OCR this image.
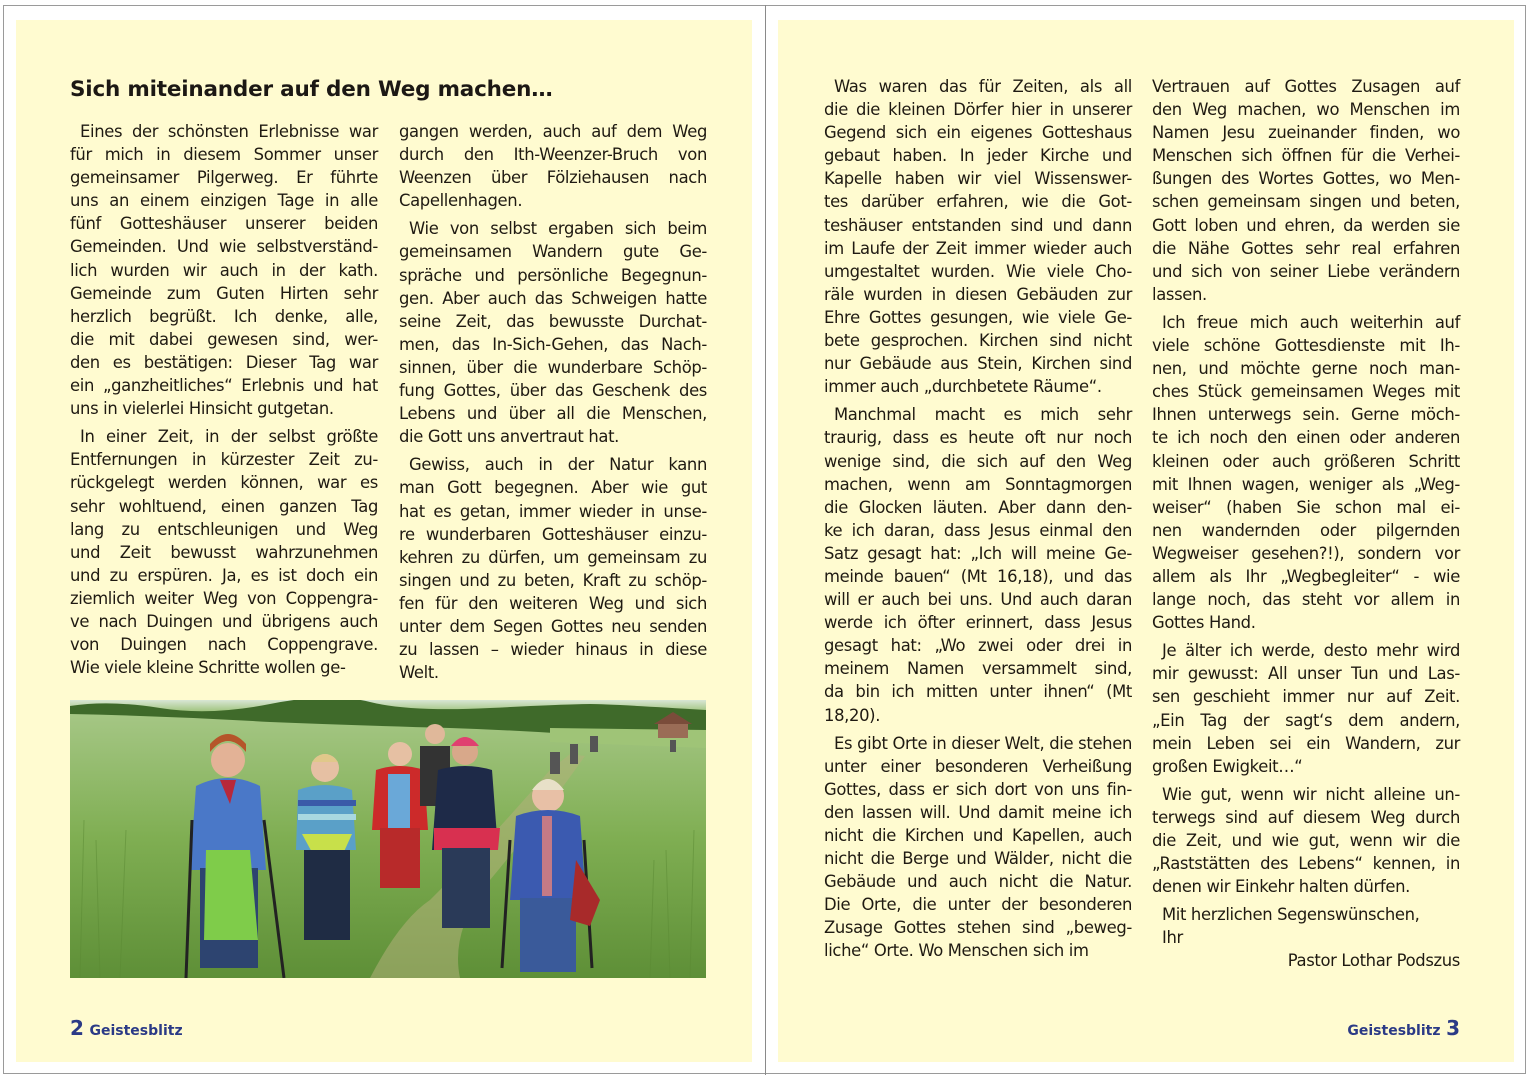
Sich miteinander auf den Weg machen…
Eines der schönsten Erlebnisse war
für mich in diesem Sommer unser
gemeinsamer Pilgerweg. Er führte
uns an einem einzigen Tage in alle
fünf Gotteshäuser unserer beiden
Gemeinden. Und wie selbstverständ-
lich wurden wir auch in der kath.
Gemeinde zum Guten Hirten sehr
herzlich begrüßt. Ich denke, alle,
die mit dabei gewesen sind, wer-
den es bestätigen: Dieser Tag war
ein „ganzheitliches“ Erlebnis und hat
uns in vielerlei Hinsicht gutgetan.
In einer Zeit, in der selbst größte
Entfernungen in kürzester Zeit zu-
rückgelegt werden können, war es
sehr wohltuend, einen ganzen Tag
lang zu entschleunigen und Weg
und Zeit bewusst wahrzunehmen
und zu erspüren. Ja, es ist doch ein
ziemlich weiter Weg von Coppengra-
ve nach Duingen und übrigens auch
von Duingen nach Coppengrave.
Wie viele kleine Schritte wollen ge-
gangen werden, auch auf dem Weg
durch den Ith-Weenzer-Bruch von
Weenzen über Fölziehausen nach
Capellenhagen.
Wie von selbst ergaben sich beim
gemeinsamen Wandern gute Ge-
spräche und persönliche Begegnun-
gen. Aber auch das Schweigen hatte
seine Zeit, das bewusste Durchat-
men, das In-Sich-Gehen, das Nach-
sinnen, über die wunderbare Schöp-
fung Gottes, über das Geschenk des
Lebens und über all die Menschen,
die Gott uns anvertraut hat.
Gewiss, auch in der Natur kann
man Gott begegnen. Aber wie gut
hat es getan, immer wieder in unse-
re wunderbaren Gotteshäuser einzu-
kehren zu dürfen, um gemeinsam zu
singen und zu beten, Kraft zu schöp-
fen für den weiteren Weg und sich
unter dem Segen Gottes neu senden
zu lassen – wieder hinaus in diese
Welt.
2 Geistesblitz
Was waren das für Zeiten, als all
die die kleinen Dörfer hier in unserer
Gegend sich ein eigenes Gotteshaus
gebaut haben. In jeder Kirche und
Kapelle haben wir viel Wissenswer-
tes darüber erfahren, wie die Got-
teshäuser entstanden sind und dann
im Laufe der Zeit immer wieder auch
umgestaltet wurden. Wie viele Cho-
räle wurden in diesen Gebäuden zur
Ehre Gottes gesungen, wie viele Ge-
bete gesprochen. Kirchen sind nicht
nur Gebäude aus Stein, Kirchen sind
immer auch „durchbetete Räume“.
Manchmal macht es mich sehr
traurig, dass es heute oft nur noch
wenige sind, die sich auf den Weg
machen, wenn am Sonntagmorgen
die Glocken läuten. Aber dann den-
ke ich daran, dass Jesus einmal den
Satz gesagt hat: „Ich will meine Ge-
meinde bauen“ (Mt 16,18), und das
will er auch bei uns. Und auch daran
werde ich öfter erinnert, dass Jesus
gesagt hat: „Wo zwei oder drei in
meinem Namen versammelt sind,
da bin ich mitten unter ihnen“ (Mt
18,20).
Es gibt Orte in dieser Welt, die stehen
unter einer besonderen Verheißung
Gottes, dass er sich dort von uns fin-
den lassen will. Und damit meine ich
nicht die Kirchen und Kapellen, auch
nicht die Berge und Wälder, nicht die
Gebäude und auch nicht die Natur.
Die Orte, die unter der besonderen
Zusage Gottes stehen sind „beweg-
liche“ Orte. Wo Menschen sich im
Vertrauen auf Gottes Zusagen auf
den Weg machen, wo Menschen im
Namen Jesu zueinander finden, wo
Menschen sich öffnen für die Verhei-
ßungen des Wortes Gottes, wo Men-
schen gemeinsam singen und beten,
Gott loben und ehren, da werden sie
die Nähe Gottes sehr real erfahren
und sich von seiner Liebe verändern
lassen.
Ich freue mich auch weiterhin auf
viele schöne Gottesdienste mit Ih-
nen, und möchte gerne noch man-
ches Stück gemeinsamen Weges mit
Ihnen unterwegs sein. Gerne möch-
te ich noch den einen oder anderen
kleinen oder auch größeren Schritt
mit Ihnen wagen, weniger als „Weg-
weiser“ (haben Sie schon mal ei-
nen wandernden oder pilgernden
Wegweiser gesehen?!), sondern vor
allem als Ihr „Wegbegleiter“ - wie
lange noch, das steht vor allem in
Gottes Hand.
Je älter ich werde, desto mehr wird
mir gewusst: All unser Tun und Las-
sen geschieht immer nur auf Zeit.
„Ein Tag der sagt‘s dem andern,
mein Leben sei ein Wandern, zur
großen Ewigkeit…“
Wie gut, wenn wir nicht alleine un-
terwegs sind auf diesem Weg durch
die Zeit, und wie gut, wenn wir die
„Raststätten des Lebens“ kennen, in
denen wir Einkehr halten dürfen.
Mit herzlichen Segenswünschen,
Ihr
Pastor Lothar Podszus
Geistesblitz 3
